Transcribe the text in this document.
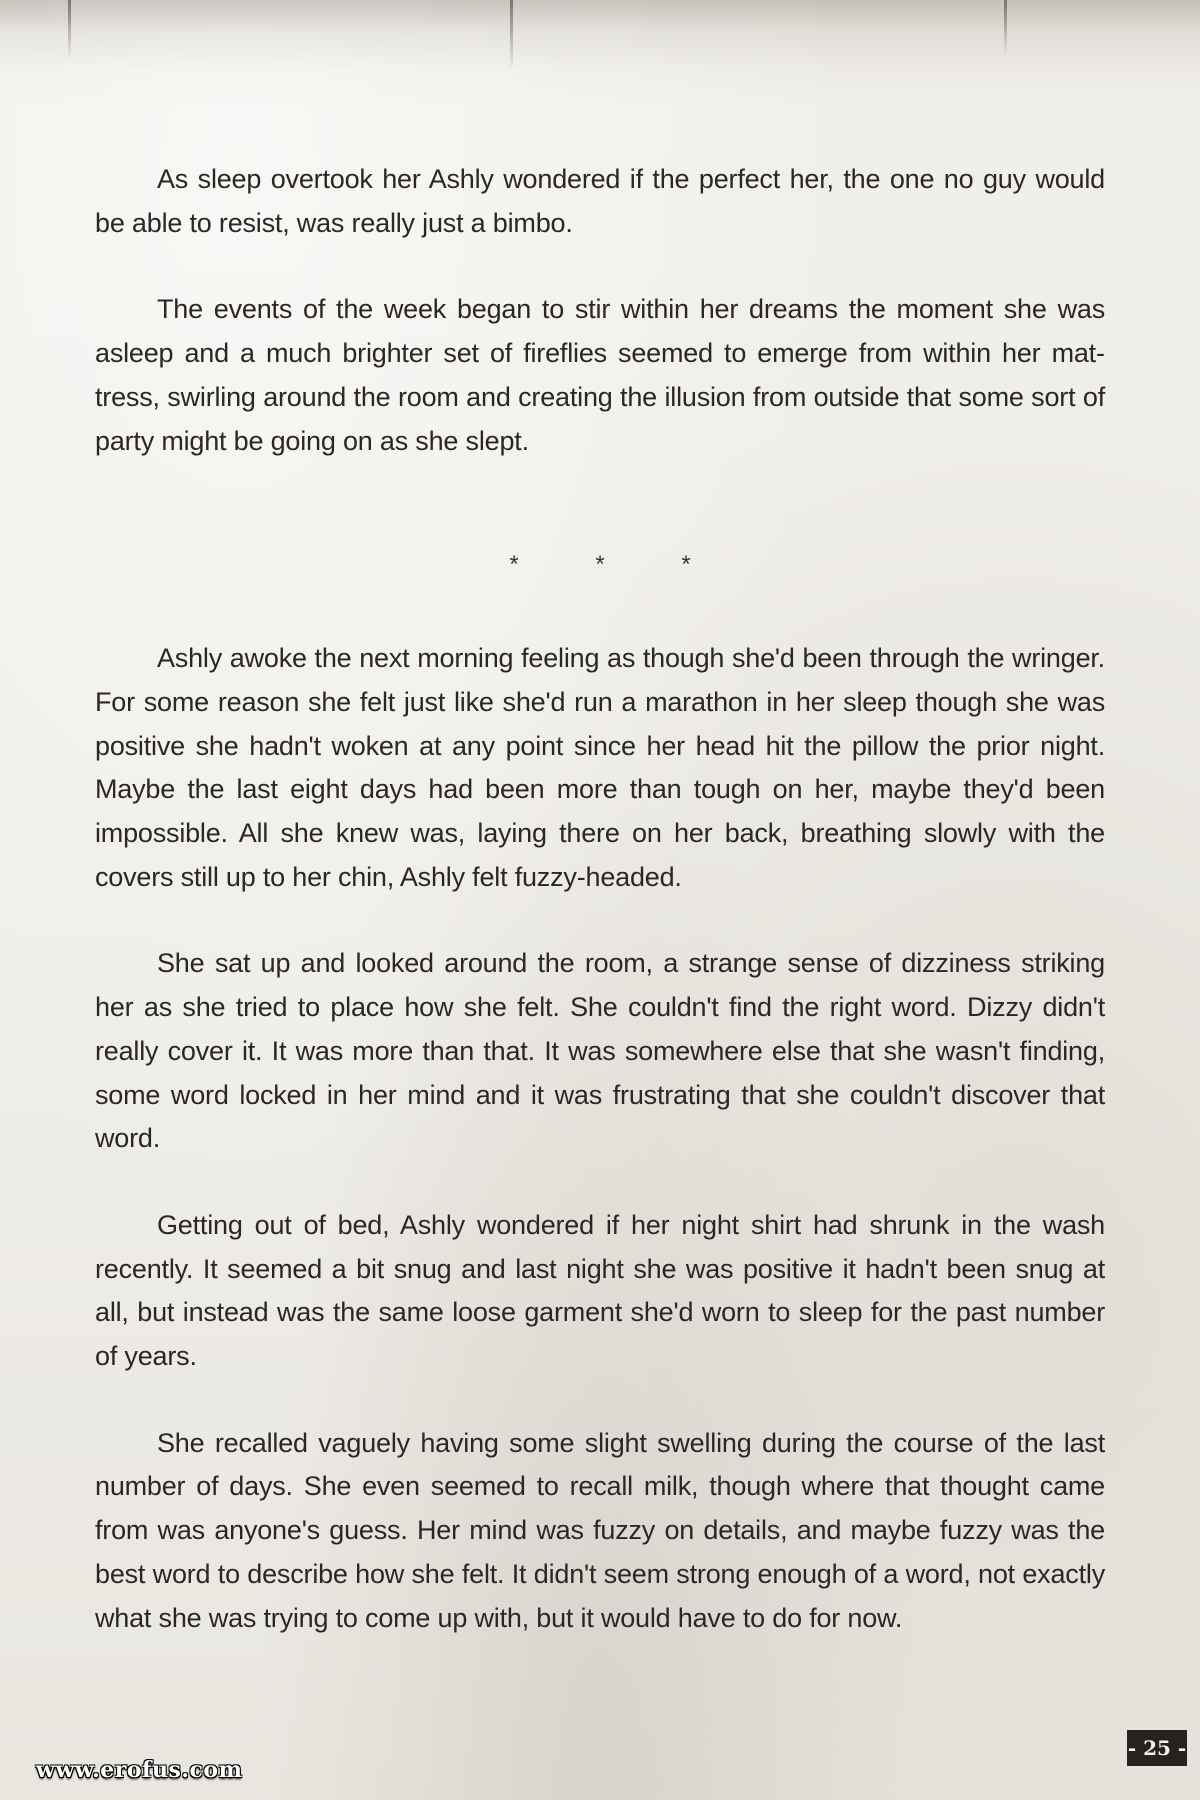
As sleep overtook her Ashly wondered if the perfect her, the one no guy would be able to resist, was really just a bimbo.

The events of the week began to stir within her dreams the moment she was asleep and a much brighter set of fireflies seemed to emerge from within her mattress, swirling around the room and creating the illusion from outside that some sort of party might be going on as she slept.

*	*	*

Ashly awoke the next morning feeling as though she'd been through the wringer. For some reason she felt just like she'd run a marathon in her sleep though she was positive she hadn't woken at any point since her head hit the pillow the prior night. Maybe the last eight days had been more than tough on her, maybe they'd been impossible. All she knew was, laying there on her back, breathing slowly with the covers still up to her chin, Ashly felt fuzzy-headed.

She sat up and looked around the room, a strange sense of dizziness striking her as she tried to place how she felt. She couldn't find the right word. Dizzy didn't really cover it. It was more than that. It was somewhere else that she wasn't finding, some word locked in her mind and it was frustrating that she couldn't discover that word.

Getting out of bed, Ashly wondered if her night shirt had shrunk in the wash recently. It seemed a bit snug and last night she was positive it hadn't been snug at all, but instead was the same loose garment she'd worn to sleep for the past number of years.

She recalled vaguely having some slight swelling during the course of the last number of days. She even seemed to recall milk, though where that thought came from was anyone's guess. Her mind was fuzzy on details, and maybe fuzzy was the best word to describe how she felt. It didn't seem strong enough of a word, not exactly what she was trying to come up with, but it would have to do for now.

www.erofus.com
- 25 -
